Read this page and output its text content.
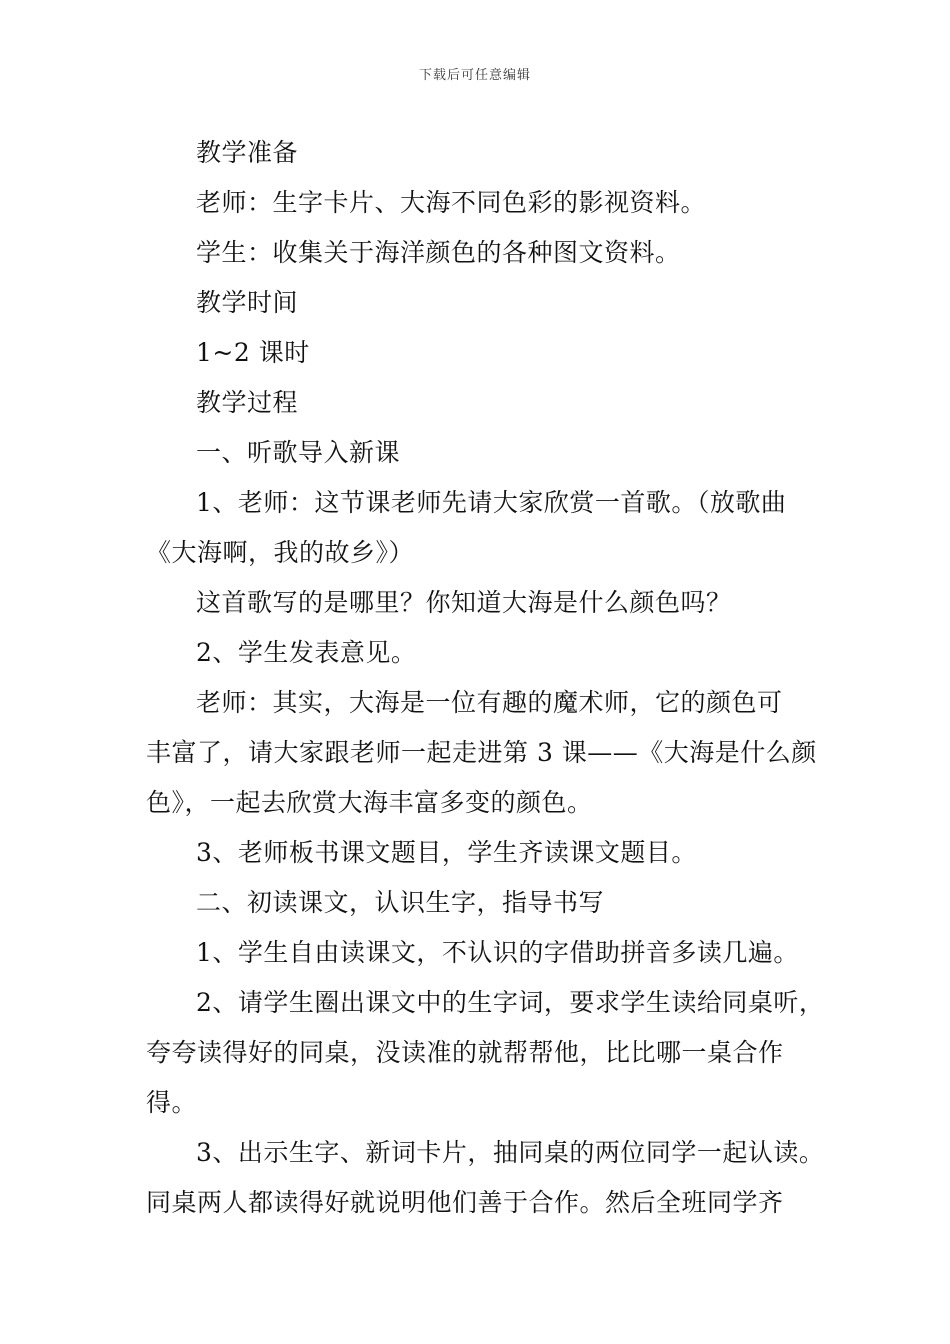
下载后可任意编辑
教学准备
老师：生字卡片、大海不同色彩的影视资料。
学生：收集关于海洋颜色的各种图文资料。
教学时间
1~2 课时
教学过程
一、听歌导入新课
1、老师：这节课老师先请大家欣赏一首歌。（放歌曲
《大海啊，我的故乡》）
这首歌写的是哪里？你知道大海是什么颜色吗？
2、学生发表意见。
老师：其实，大海是一位有趣的魔术师，它的颜色可
丰富了，请大家跟老师一起走进第 3 课——《大海是什么颜
色》，一起去欣赏大海丰富多变的颜色。
3、老师板书课文题目，学生齐读课文题目。
二、初读课文，认识生字，指导书写
1、学生自由读课文，不认识的字借助拼音多读几遍。
2、请学生圈出课文中的生字词，要求学生读给同桌听，
夸夸读得好的同桌，没读准的就帮帮他，比比哪一桌合作
得。
3、出示生字、新词卡片，抽同桌的两位同学一起认读。
同桌两人都读得好就说明他们善于合作。然后全班同学齐
